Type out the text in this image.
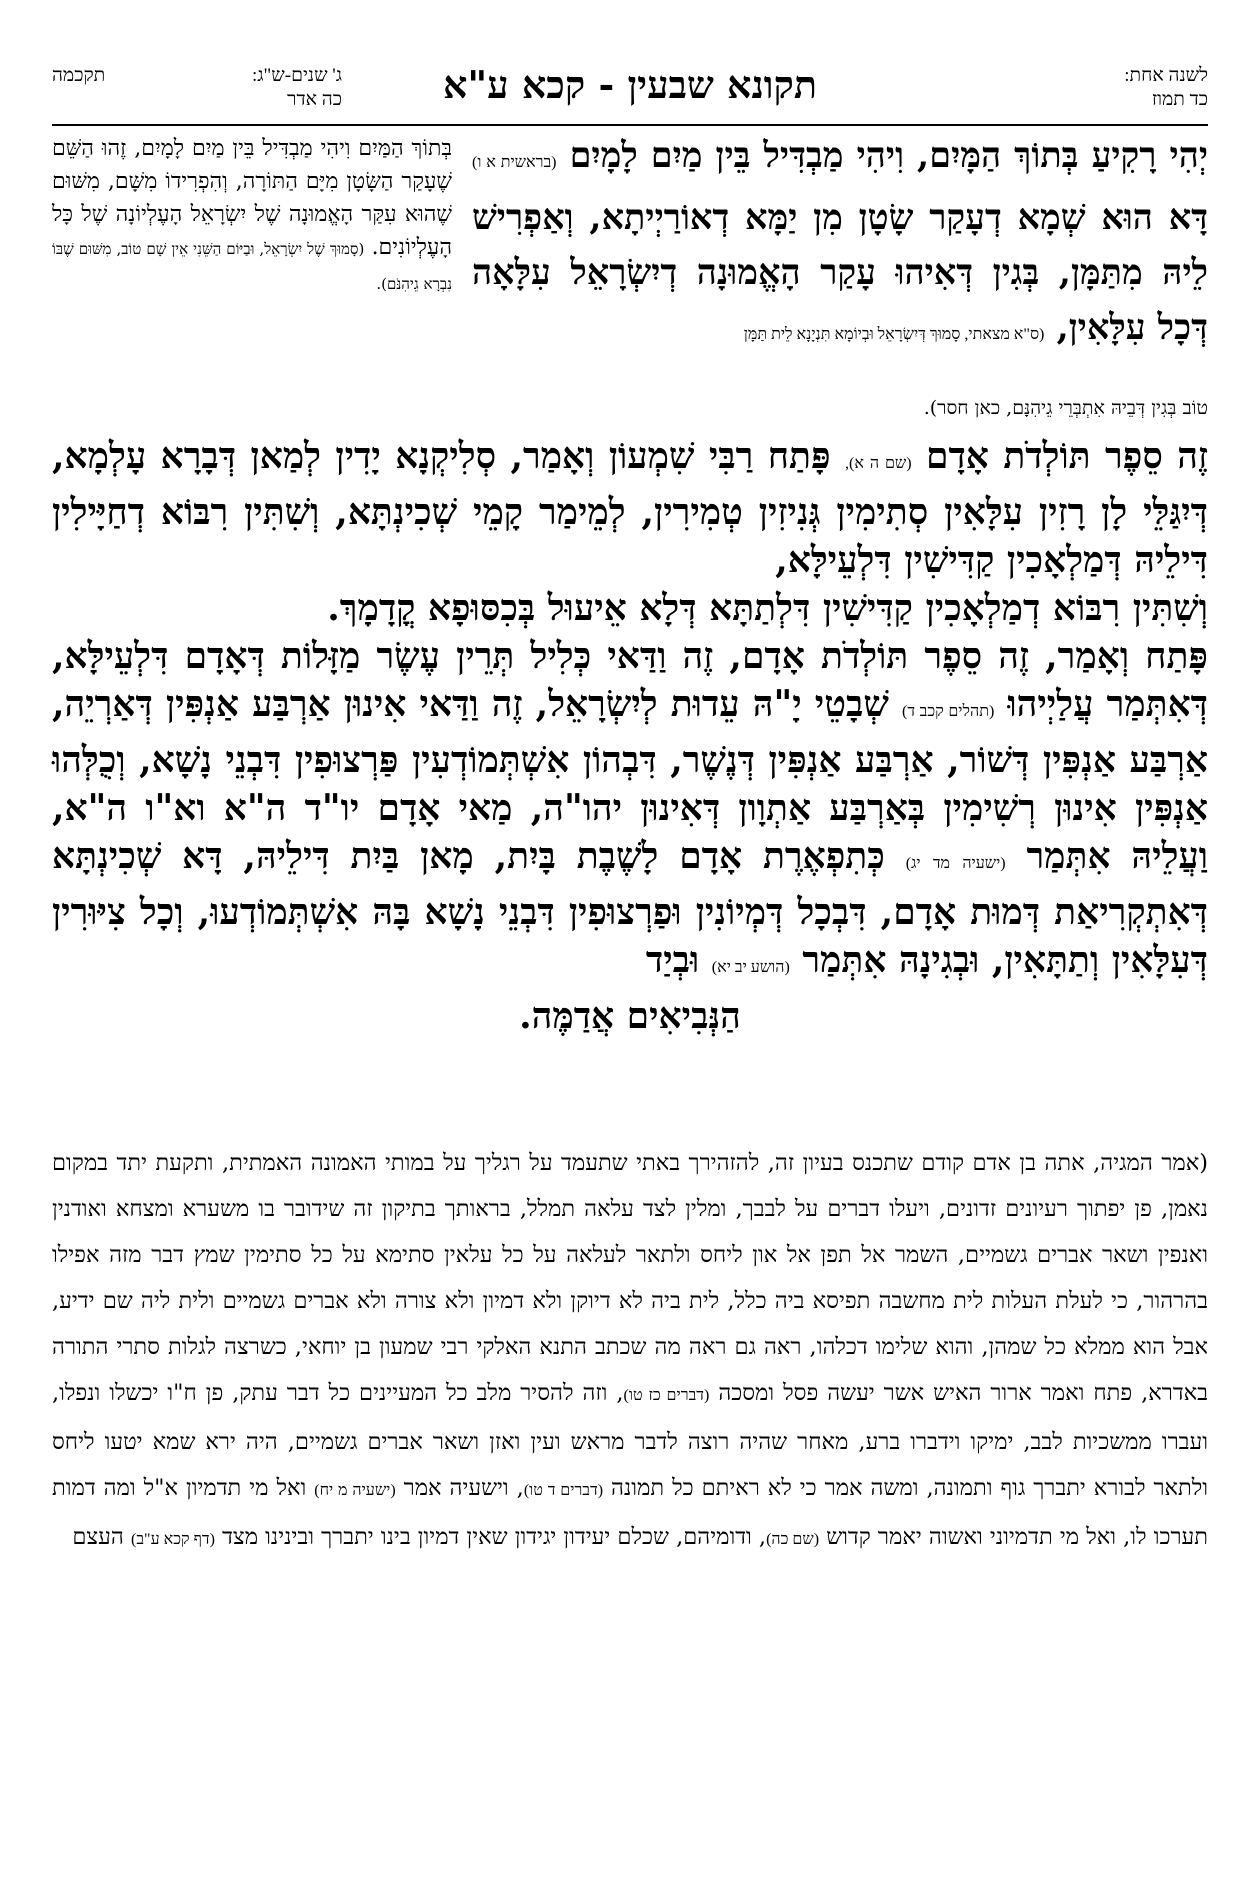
לשנה אחת:
כד תמוז
תקונא שבעין - קכא ע"א
ג' שנים-ש"ג:
תקכמה
כה אדר

יְהִי רָקִיעַ בְּתוֹךְ הַמָּיִם, וִיהִי מַבְדִּיל בֵּין מַיִם לָמָיִם (בראשית א ו) דָּא הוּא שְׁמָא דְעָקַר שָׂטָן מִן יַמָּא דְאוֹרַיְיתָא, וְאַפְרִישׁ לֵיהּ מִתַּמָּן, בְּגִין דְּאִיהוּ עָקַר הָאֱמוּנָה דְיִשְׂרָאֵל עִלָּאָה דְּכָל עִלָּאִין, (ס"א מצאתי, סָמוּךְ דְּיִשְׂרָאֵל וּבְיוֹמָא תִּנְיָנָא לֵית תַּמָּן

בְּתוֹךְ הַמַּיִם וִיהִי מַבְדִּיל בֵּין מַיִם לָמָיִם, זֶהוּ הַשֵּׁם שֶׁעָקַר הַשָּׂטָן מִיָּם הַתּוֹרָה, וְהִפְרִידוֹ מִשָּׁם, מִשּׁוּם שֶׁהוּא עִקַּר הָאֱמוּנָה שֶׁל יִשְׂרָאֵל הָעֶלְיוֹנָה שֶׁל כָּל הָעֶלְיוֹנִים. (סָמוּךְ שֶׁל יִשְׂרָאֵל, וּבַיּוֹם הַשֵּׁנִי אֵין שָׁם טוֹב, מִשּׁוּם שֶׁבּוֹ נִבְרָא גֵיהִנֹּם).

טוֹב בְּגִין דְּבֵיהּ אִתְבְּרֵי גֵיהִנָּם, כאן חסר).

זֶה סֵפֶר תּוֹלְדֹת אָדָם (שם ה א), פָּתַח רַבִּי שִׁמְעוֹן וְאָמַר, סְלִיקְנָא יָדִין לְמַאן דְּבָרָא עָלְמָא, דְּיִגַּלֵּי לָן רָזִין עִלָּאִין סְתִימִין גְּנִיזִין טְמִירִין, לְמֵימַר קָמֵי שְׁכִינְתָּא, וְשִׁתִּין רִבּוֹא דְחַיָּילִין דִּילֵיהּ דְּמַלְאָכִין קַדִּישִׁין דִּלְעֵילָּא,

וְשִׁתִּין רִבּוֹא דְמַלְאָכִין קַדִּישִׁין דִּלְתַתָּא דְּלָא אֵיעוּל בְּכִסּוּפָא קֳדָמָךְ.

פָּתַח וְאָמַר, זֶה סֵפֶר תּוֹלְדֹת אָדָם, זֶה וַדַּאי כְּלִיל תְּרֵין עֶשֶׂר מַזָּלוֹת דְּאָדָם דִּלְעֵילָּא, דְּאִתְּמַר עֲלַיְיהוּ (תהלים קכב ד) שְׁבָטֵי יָ"הּ עֵדוּת לְיִשְׂרָאֵל, זֶה וַדַּאי אִינוּן אַרְבַּע אַנְפִּין דְּאַרְיֵה, אַרְבַּע אַנְפִּין דְּשׁוֹר, אַרְבַּע אַנְפִּין דְּנֶשֶׁר, דִּבְהוֹן אִשְׁתְּמוֹדְעִין פַּרְצוּפִין דִּבְנֵי נָשָׁא, וְכֻלְּהוּ אַנְפִּין אִינוּן רְשִׁימִין בְּאַרְבַּע אַתְוָון דְּאִינוּן יהו"ה, מַאי אָדָם יו"ד ה"א וא"ו ה"א, וַעֲלֵיהּ אִתְּמַר (ישעיה מד יג) כְּתִפְאֶרֶת אָדָם לָשֶׁבֶת בָּיִת, מָאן בַּיִת דִּילֵיהּ, דָּא שְׁכִינְתָּא דְּאִתְקְרִיאַת דְּמוּת אָדָם, דִּבְכָל דְּמְיוֹנִין וּפַרְצוּפִין דִּבְנֵי נָשָׁא בָּהּ אִשְׁתְּמוֹדְעוּ, וְכָל צִיּוּרִין דְּעִלָּאִין וְתַתָּאִין, וּבְגִינָהּ אִתְּמַר (הושע יב יא) וּבְיַד

הַנְּבִיאִים אֲדַמֶּה.

(אמר המגיה, אתה בן אדם קודם שתכנס בעיון זה, להזהירך באתי שתעמד על רגליך על במותי האמונה האמתית, ותקעת יתד במקום נאמן, פן יפתוך רעיונים זדונים, ויעלו דברים על לבבך, ומלין לצד עלאה תמלל, בראותך בתיקון זה שידובר בו משערא ומצחא ואודנין ואנפין ושאר אברים גשמיים, השמר אל תפן אל און ליחס ולתאר לעלאה על כל עלאין סתימא על כל סתימין שמץ דבר מזה אפילו בהרהור, כי לעלת העלות לית מחשבה תפיסא ביה כלל, לית ביה לא דיוקן ולא דמיון ולא צורה ולא אברים גשמיים ולית ליה שם ידיע, אבל הוא ממלא כל שמהן, והוא שלימו דכלהו, ראה גם ראה מה שכתב התנא האלקי רבי שמעון בן יוחאי, כשרצה לגלות סתרי התורה באדרא, פתח ואמר ארור האיש אשר יעשה פסל ומסכה (דברים כז טו), וזה להסיר מלב כל המעיינים כל דבר עתק, פן ח"ו יכשלו ונפלו, ועברו ממשכיות לבב, ימיקו וידברו ברע, מאחר שהיה רוצה לדבר מראש ועין ואזן ושאר אברים גשמיים, היה ירא שמא יטעו ליחס ולתאר לבורא יתברך גוף ותמונה, ומשה אמר כי לא ראיתם כל תמונה (דברים ד טו), וישעיה אמר (ישעיה מ יח) ואל מי תדמיון א"ל ומה דמות תערכו לו, ואל מי תדמיוני ואשוה יאמר קדוש (שם כה), ודומיהם, שכלם יעידון יגידון שאין דמיון בינו יתברך ובינינו מצד (דף קכא ע"ב) העצם
